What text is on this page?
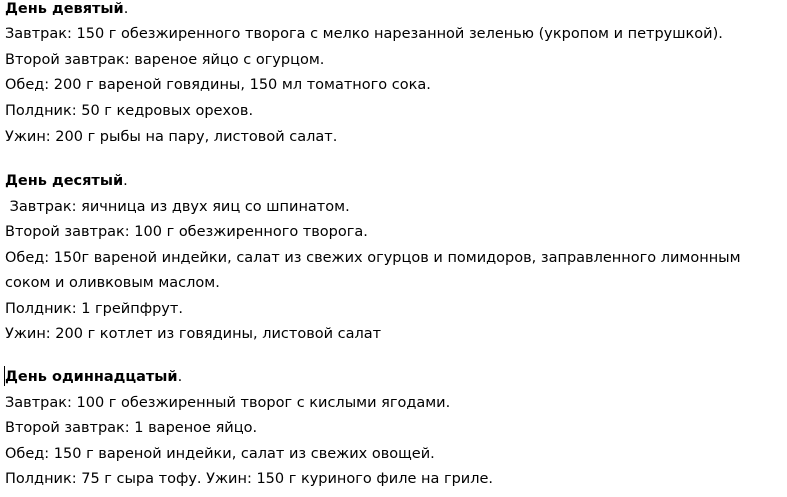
День девятый.
Завтрак: 150 г обезжиренного творога с мелко нарезанной зеленью (укропом и петрушкой).
Второй завтрак: вареное яйцо с огурцом.
Обед: 200 г вареной говядины, 150 мл томатного сока.
Полдник: 50 г кедровых орехов.
Ужин: 200 г рыбы на пару, листовой салат.
День десятый.
Завтрак: яичница из двух яиц со шпинатом.
Второй завтрак: 100 г обезжиренного творога.
Обед: 150г вареной индейки, салат из свежих огурцов и помидоров, заправленного лимонным
соком и оливковым маслом.
Полдник: 1 грейпфрут.
Ужин: 200 г котлет из говядины, листовой салат
День одиннадцатый.
Завтрак: 100 г обезжиренный творог с кислыми ягодами.
Второй завтрак: 1 вареное яйцо.
Обед: 150 г вареной индейки, салат из свежих овощей.
Полдник: 75 г сыра тофу. Ужин: 150 г куриного филе на гриле.
